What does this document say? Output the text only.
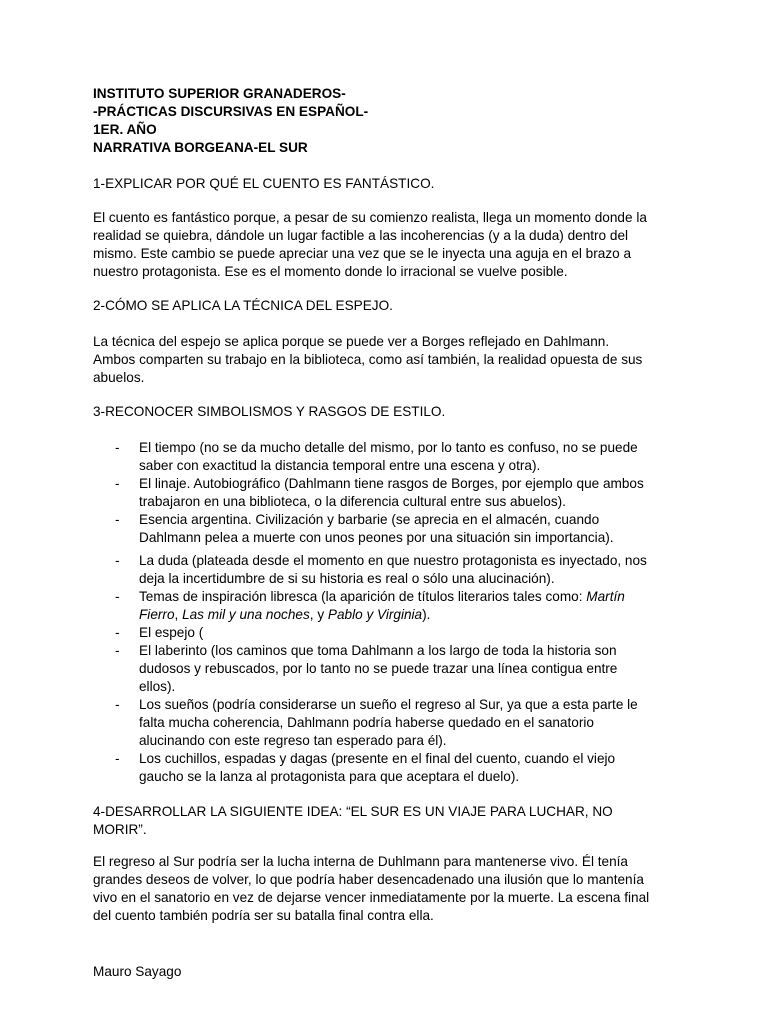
INSTITUTO SUPERIOR GRANADEROS-
-PRÁCTICAS DISCURSIVAS EN ESPAÑOL-
1ER. AÑO
NARRATIVA BORGEANA-EL SUR
1-EXPLICAR POR QUÉ EL CUENTO ES FANTÁSTICO.
El cuento es fantástico porque, a pesar de su comienzo realista, llega un momento donde la
realidad se quiebra, dándole un lugar factible a las incoherencias (y a la duda) dentro del
mismo. Este cambio se puede apreciar una vez que se le inyecta una aguja en el brazo a
nuestro protagonista. Ese es el momento donde lo irracional se vuelve posible.
2-CÓMO SE APLICA LA TÉCNICA DEL ESPEJO.
La técnica del espejo se aplica porque se puede ver a Borges reflejado en Dahlmann.
Ambos comparten su trabajo en la biblioteca, como así también, la realidad opuesta de sus
abuelos.
3-RECONOCER SIMBOLISMOS Y RASGOS DE ESTILO.
- El tiempo (no se da mucho detalle del mismo, por lo tanto es confuso, no se puede
saber con exactitud la distancia temporal entre una escena y otra).
- El linaje. Autobiográfico (Dahlmann tiene rasgos de Borges, por ejemplo que ambos
trabajaron en una biblioteca, o la diferencia cultural entre sus abuelos).
- Esencia argentina. Civilización y barbarie (se aprecia en el almacén, cuando
Dahlmann pelea a muerte con unos peones por una situación sin importancia).
- La duda (plateada desde el momento en que nuestro protagonista es inyectado, nos
deja la incertidumbre de si su historia es real o sólo una alucinación).
- Temas de inspiración libresca (la aparición de títulos literarios tales como: Martín
Fierro, Las mil y una noches, y Pablo y Virginia).
- El espejo (
- El laberinto (los caminos que toma Dahlmann a los largo de toda la historia son
dudosos y rebuscados, por lo tanto no se puede trazar una línea contigua entre
ellos).
- Los sueños (podría considerarse un sueño el regreso al Sur, ya que a esta parte le
falta mucha coherencia, Dahlmann podría haberse quedado en el sanatorio
alucinando con este regreso tan esperado para él).
- Los cuchillos, espadas y dagas (presente en el final del cuento, cuando el viejo
gaucho se la lanza al protagonista para que aceptara el duelo).
4-DESARROLLAR LA SIGUIENTE IDEA: “EL SUR ES UN VIAJE PARA LUCHAR, NO
MORIR”.
El regreso al Sur podría ser la lucha interna de Duhlmann para mantenerse vivo. Él tenía
grandes deseos de volver, lo que podría haber desencadenado una ilusión que lo mantenía
vivo en el sanatorio en vez de dejarse vencer inmediatamente por la muerte. La escena final
del cuento también podría ser su batalla final contra ella.
Mauro Sayago
